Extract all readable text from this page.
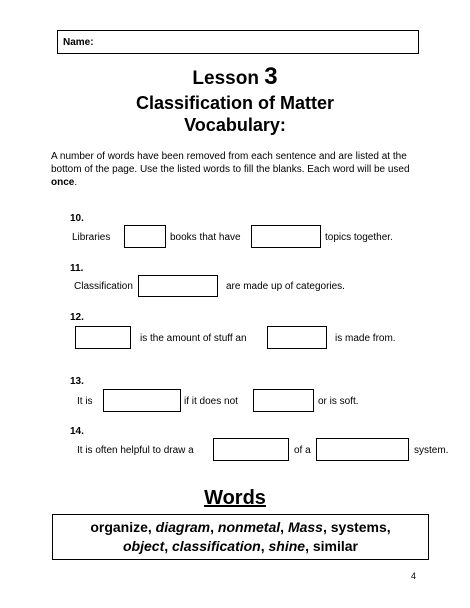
Name:
Lesson 3
Classification of Matter
Vocabulary:
A number of words have been removed from each sentence and are listed at the bottom of the page. Use the listed words to fill the blanks. Each word will be used once.
10.
Libraries	books that have	topics together.
11.
Classification	are made up of categories.
12.
is the amount of stuff an	is made from.
13.
It is	if it does not	or is soft.
14.
It is often helpful to draw a	of a	system.
Words
organize, diagram, nonmetal, Mass, systems,
object, classification, shine, similar
4
